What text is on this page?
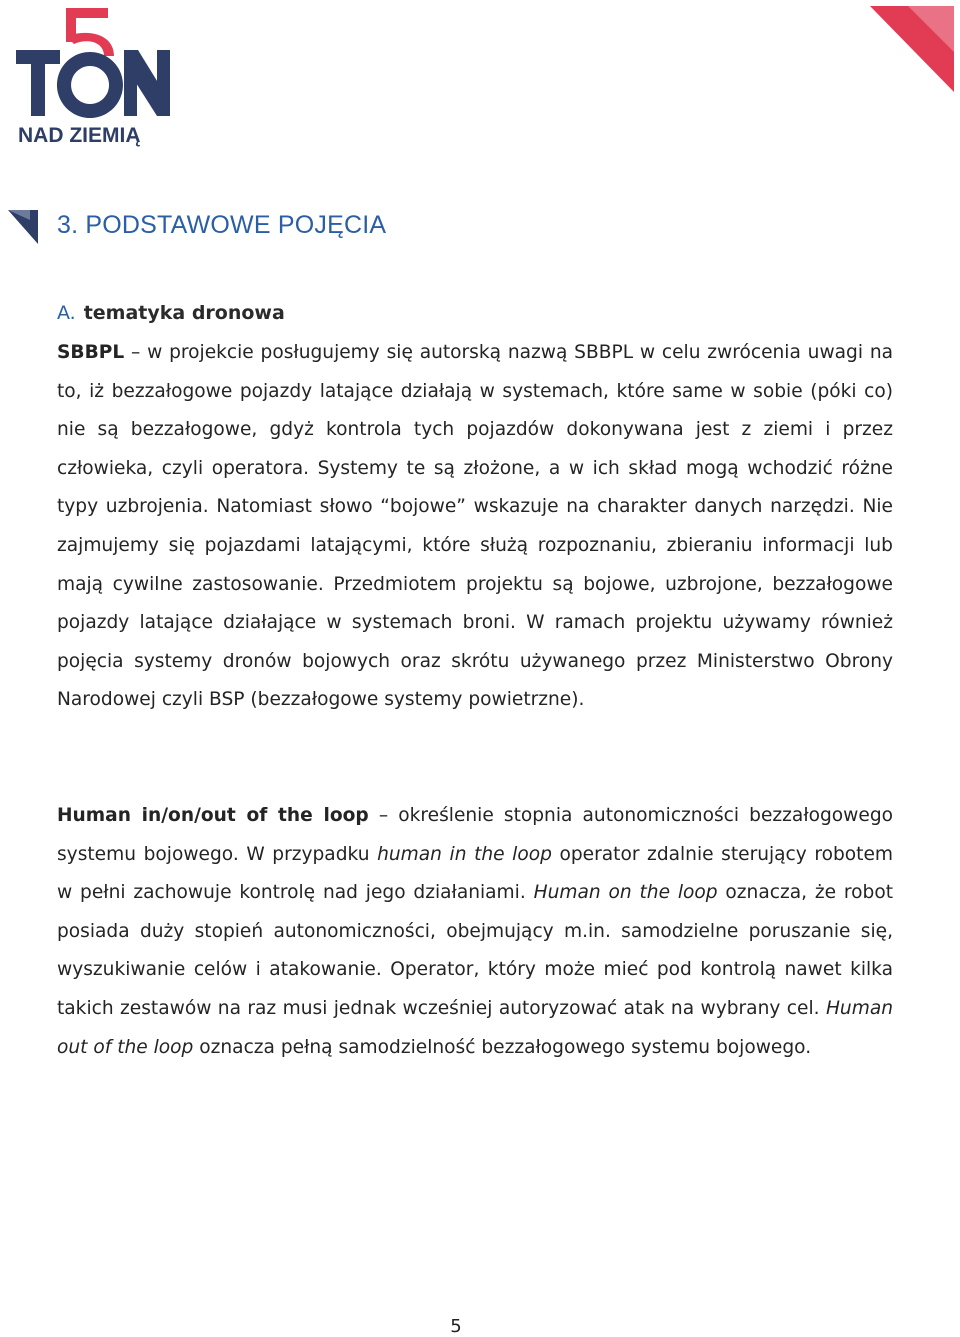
NAD ZIEMIĄ
3. PODSTAWOWE POJĘCIA
A. tematyka dronowa

SBBPL – w projekcie posługujemy się autorską nazwą SBBPL w celu zwrócenia uwagi na to, iż bezzałogowe pojazdy latające działają w systemach, które same w sobie (póki co) nie są bezzałogowe, gdyż kontrola tych pojazdów dokonywana jest z ziemi i przez człowieka, czyli operatora. Systemy te są złożone, a w ich skład mogą wchodzić różne typy uzbrojenia. Natomiast słowo “bojowe” wskazuje na charakter danych narzędzi. Nie zajmujemy się pojazdami latającymi, które służą rozpoznaniu, zbieraniu informacji lub mają cywilne zastosowanie. Przedmiotem projektu są bojowe, uzbrojone, bezzałogowe pojazdy latające działające w systemach broni. W ramach projektu używamy również pojęcia systemy dronów bojowych oraz skrótu używanego przez Ministerstwo Obrony Narodowej czyli BSP (bezzałogowe systemy powietrzne).

Human in/on/out of the loop – określenie stopnia autonomiczności bezzałogowego systemu bojowego. W przypadku human in the loop operator zdalnie sterujący robotem w pełni zachowuje kontrolę nad jego działaniami. Human on the loop oznacza, że robot posiada duży stopień autonomiczności, obejmujący m.in. samodzielne poruszanie się, wyszukiwanie celów i atakowanie. Operator, który może mieć pod kontrolą nawet kilka takich zestawów na raz musi jednak wcześniej autoryzować atak na wybrany cel. Human out of the loop oznacza pełną samodzielność bezzałogowego systemu bojowego.

5
